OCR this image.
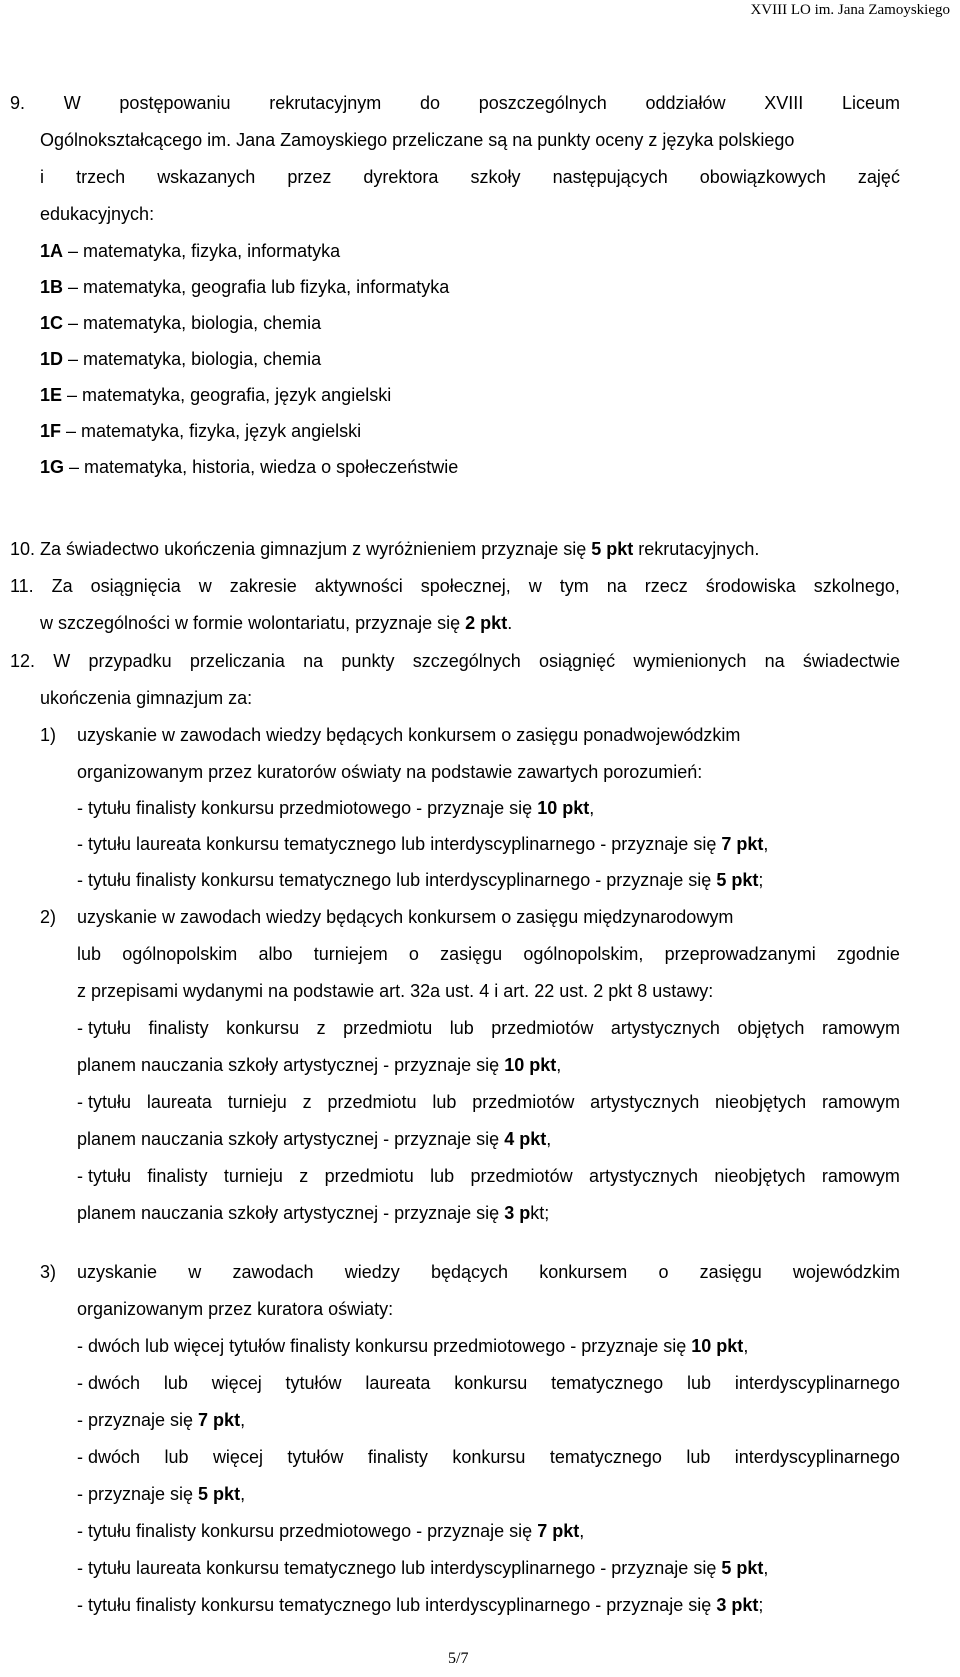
XVIII LO im. Jana Zamoyskiego
9. W postępowaniu rekrutacyjnym do poszczególnych oddziałów XVIII Liceum
Ogólnokształcącego im. Jana Zamoyskiego przeliczane są na punkty oceny z języka polskiego
i trzech wskazanych przez dyrektora szkoły następujących obowiązkowych zajęć
edukacyjnych:
1A – matematyka, fizyka, informatyka
1B – matematyka, geografia lub fizyka, informatyka
1C – matematyka, biologia, chemia
1D – matematyka, biologia, chemia
1E – matematyka, geografia, język angielski
1F – matematyka, fizyka, język angielski
1G – matematyka, historia, wiedza o społeczeństwie
10. Za świadectwo ukończenia gimnazjum z wyróżnieniem przyznaje się 5 pkt rekrutacyjnych.
11. Za osiągnięcia w zakresie aktywności społecznej, w tym na rzecz środowiska szkolnego,
w szczególności w formie wolontariatu, przyznaje się 2 pkt.
12. W przypadku przeliczania na punkty szczególnych osiągnięć wymienionych na świadectwie
ukończenia gimnazjum za:
1) uzyskanie w zawodach wiedzy będących konkursem o zasięgu ponadwojewódzkim
organizowanym przez kuratorów oświaty na podstawie zawartych porozumień:
- tytułu finalisty konkursu przedmiotowego - przyznaje się 10 pkt,
- tytułu laureata konkursu tematycznego lub interdyscyplinarnego - przyznaje się 7 pkt,
- tytułu finalisty konkursu tematycznego lub interdyscyplinarnego - przyznaje się 5 pkt;
2) uzyskanie w zawodach wiedzy będących konkursem o zasięgu międzynarodowym
lub ogólnopolskim albo turniejem o zasięgu ogólnopolskim, przeprowadzanymi zgodnie
z przepisami wydanymi na podstawie art. 32a ust. 4 i art. 22 ust. 2 pkt 8 ustawy:
- tytułu finalisty konkursu z przedmiotu lub przedmiotów artystycznych objętych ramowym
planem nauczania szkoły artystycznej - przyznaje się 10 pkt,
- tytułu laureata turnieju z przedmiotu lub przedmiotów artystycznych nieobjętych ramowym
planem nauczania szkoły artystycznej - przyznaje się 4 pkt,
- tytułu finalisty turnieju z przedmiotu lub przedmiotów artystycznych nieobjętych ramowym
planem nauczania szkoły artystycznej - przyznaje się 3 pkt;
3) uzyskanie w zawodach wiedzy będących konkursem o zasięgu wojewódzkim
organizowanym przez kuratora oświaty:
- dwóch lub więcej tytułów finalisty konkursu przedmiotowego - przyznaje się 10 pkt,
- dwóch lub więcej tytułów laureata konkursu tematycznego lub interdyscyplinarnego
- przyznaje się 7 pkt,
- dwóch lub więcej tytułów finalisty konkursu tematycznego lub interdyscyplinarnego
- przyznaje się 5 pkt,
- tytułu finalisty konkursu przedmiotowego - przyznaje się 7 pkt,
- tytułu laureata konkursu tematycznego lub interdyscyplinarnego - przyznaje się 5 pkt,
- tytułu finalisty konkursu tematycznego lub interdyscyplinarnego - przyznaje się 3 pkt;
5/7
